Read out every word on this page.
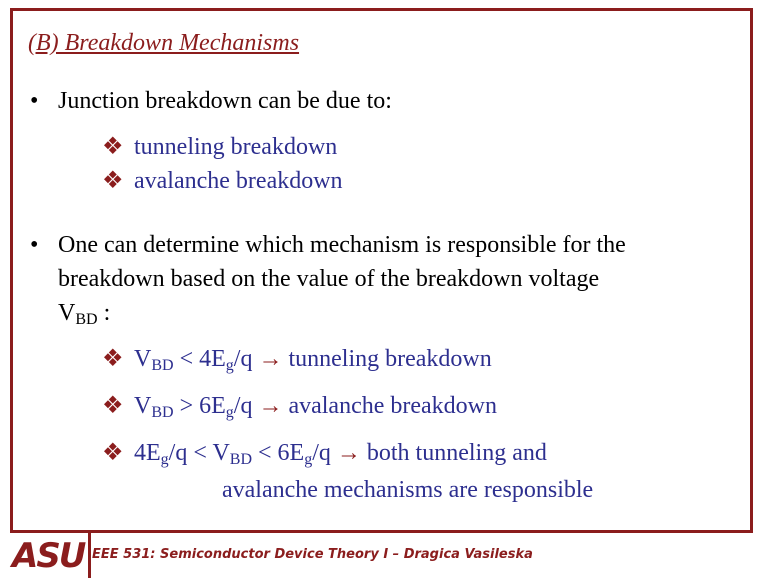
(B) Breakdown Mechanisms
• Junction breakdown can be due to:
❖ tunneling breakdown
❖ avalanche breakdown
• One can determine which mechanism is responsible for the
breakdown based on the value of the breakdown voltage
$V_{BD}$ :
❖ $V_{BD} < 4E_g/q$ → tunneling breakdown
❖ $V_{BD} > 6E_g/q$ → avalanche breakdown
❖ $4E_g/q < V_{BD} < 6E_g/q$ → both tunneling and
avalanche mechanisms are responsible
ASU EEE 531: Semiconductor Device Theory I – Dragica Vasileska
